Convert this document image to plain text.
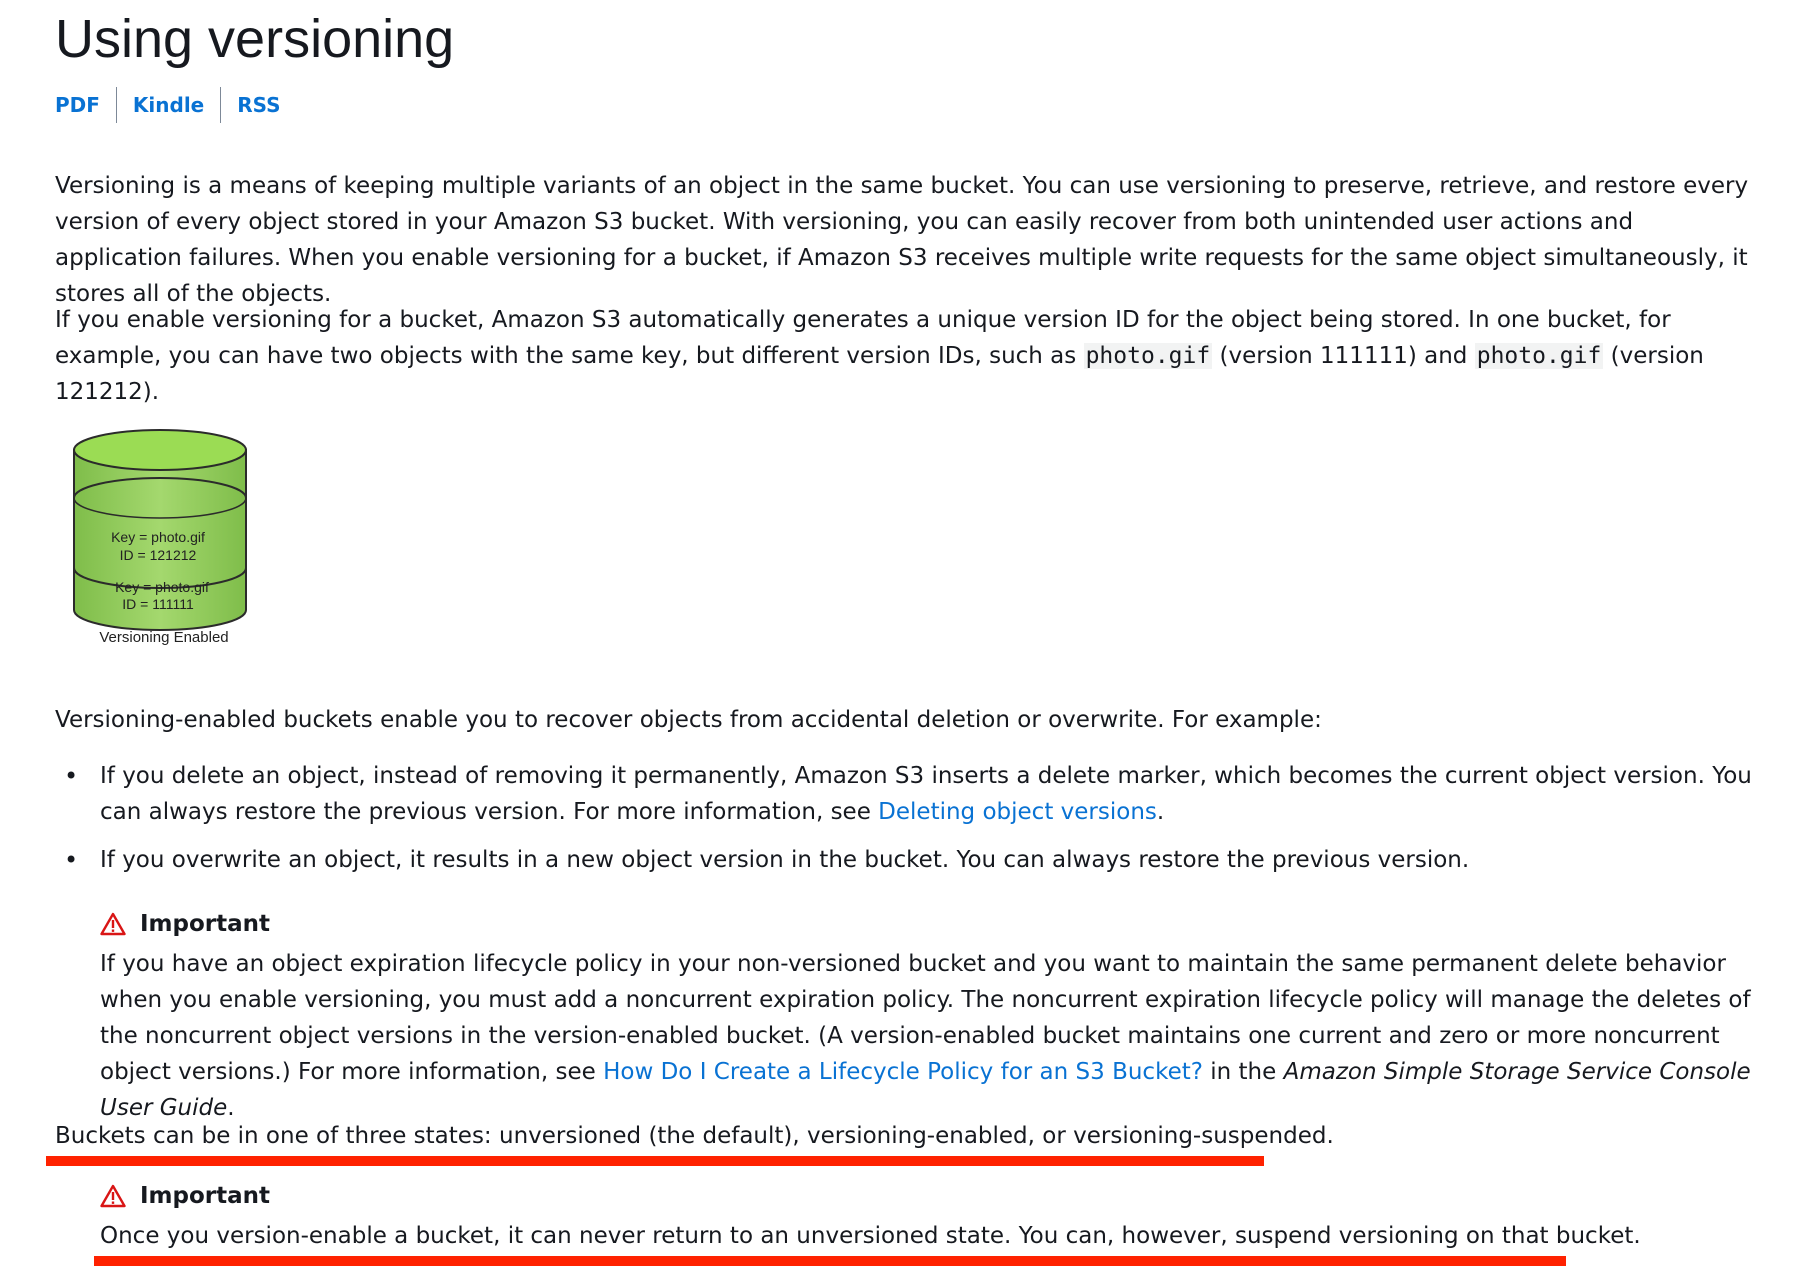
Using versioning
PDF	Kindle	RSS

Versioning is a means of keeping multiple variants of an object in the same bucket. You can use versioning to preserve, retrieve, and restore every version of every object stored in your Amazon S3 bucket. With versioning, you can easily recover from both unintended user actions and application failures. When you enable versioning for a bucket, if Amazon S3 receives multiple write requests for the same object simultaneously, it stores all of the objects.

If you enable versioning for a bucket, Amazon S3 automatically generates a unique version ID for the object being stored. In one bucket, for example, you can have two objects with the same key, but different version IDs, such as photo.gif (version 111111) and photo.gif (version 121212).

Key = photo.gif
ID = 121212
Key = photo.gif
ID = 111111
Versioning Enabled

Versioning-enabled buckets enable you to recover objects from accidental deletion or overwrite. For example:

• If you delete an object, instead of removing it permanently, Amazon S3 inserts a delete marker, which becomes the current object version. You can always restore the previous version. For more information, see Deleting object versions.
• If you overwrite an object, it results in a new object version in the bucket. You can always restore the previous version.
Important

If you have an object expiration lifecycle policy in your non-versioned bucket and you want to maintain the same permanent delete behavior when you enable versioning, you must add a noncurrent expiration policy. The noncurrent expiration lifecycle policy will manage the deletes of the noncurrent object versions in the version-enabled bucket. (A version-enabled bucket maintains one current and zero or more noncurrent object versions.) For more information, see How Do I Create a Lifecycle Policy for an S3 Bucket? in the Amazon Simple Storage Service Console User Guide.

Buckets can be in one of three states: unversioned (the default), versioning-enabled, or versioning-suspended.

Important

Once you version-enable a bucket, it can never return to an unversioned state. You can, however, suspend versioning on that bucket.
